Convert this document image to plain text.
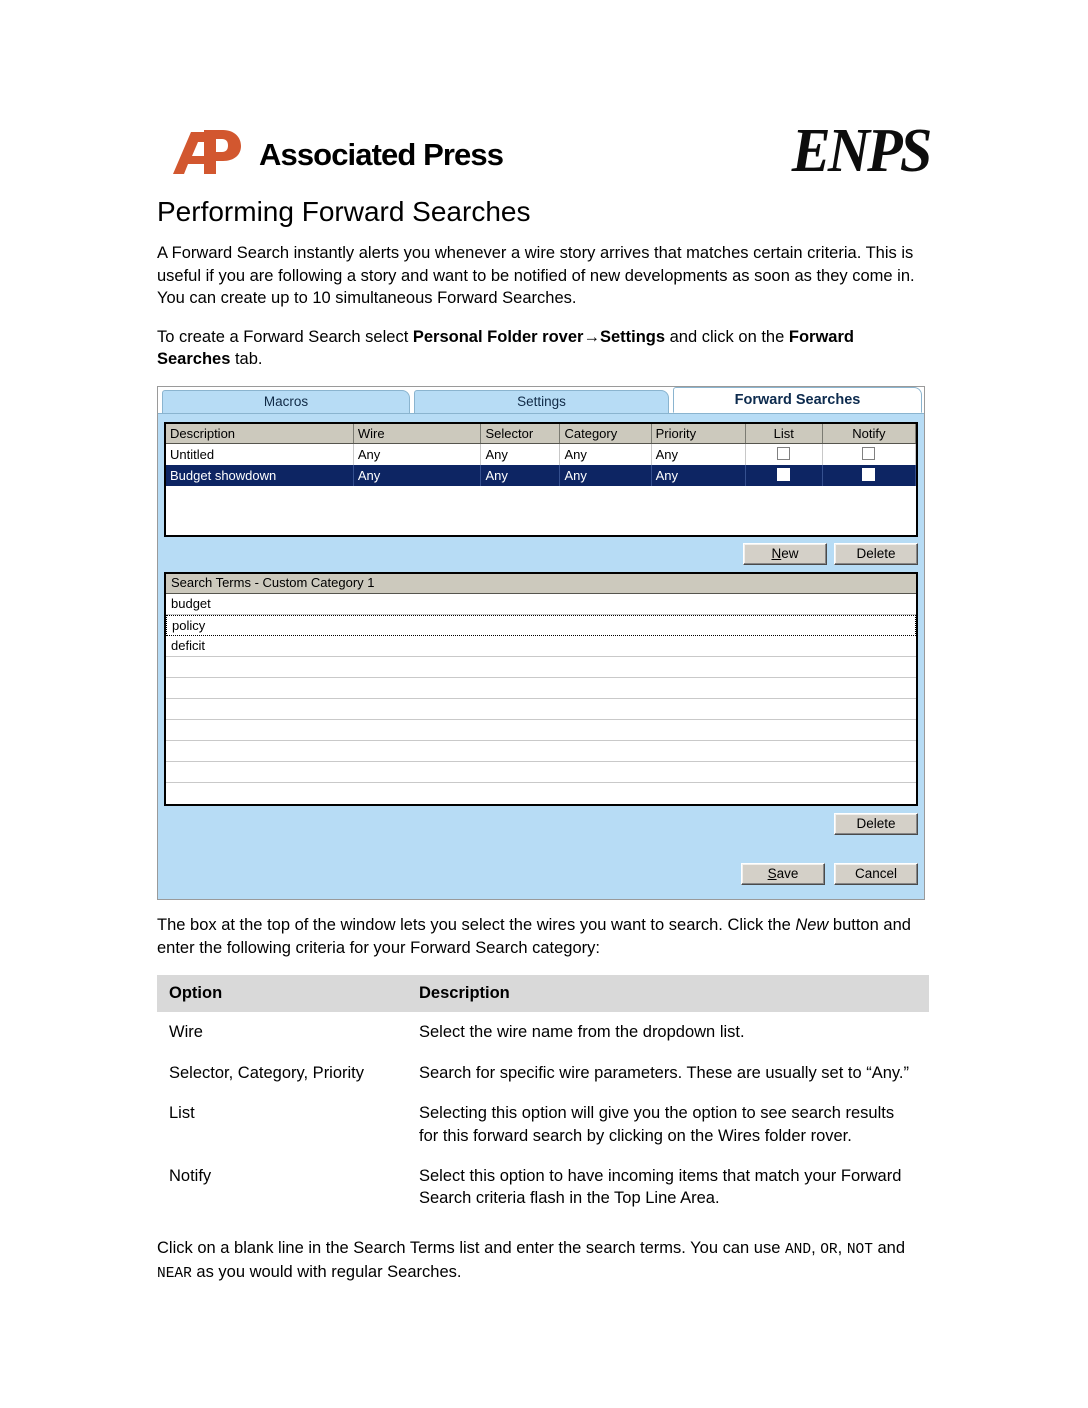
Associated Press	ENPS
Performing Forward Searches

A Forward Search instantly alerts you whenever a wire story arrives that matches certain criteria. This is useful if you are following a story and want to be notified of new developments as soon as they come in. You can create up to 10 simultaneous Forward Searches.

To create a Forward Search select Personal Folder rover→Settings and click on the Forward Searches tab.

Macros	Settings	Forward Searches
Description	Wire	Selector	Category	Priority	List	Notify
Untitled	Any	Any	Any	Any		
Budget showdown	Any	Any	Any	Any		
New	Delete
Search Terms - Custom Category 1
budget
policy
deficit
Delete
Save	Cancel

The box at the top of the window lets you select the wires you want to search. Click the New button and enter the following criteria for your Forward Search category:

Option	Description
Wire	Select the wire name from the dropdown list.
Selector, Category, Priority	Search for specific wire parameters. These are usually set to “Any.”
List	Selecting this option will give you the option to see search results for this forward search by clicking on the Wires folder rover.
Notify	Select this option to have incoming items that match your Forward Search criteria flash in the Top Line Area.

Click on a blank line in the Search Terms list and enter the search terms. You can use AND, OR, NOT and NEAR as you would with regular Searches.
